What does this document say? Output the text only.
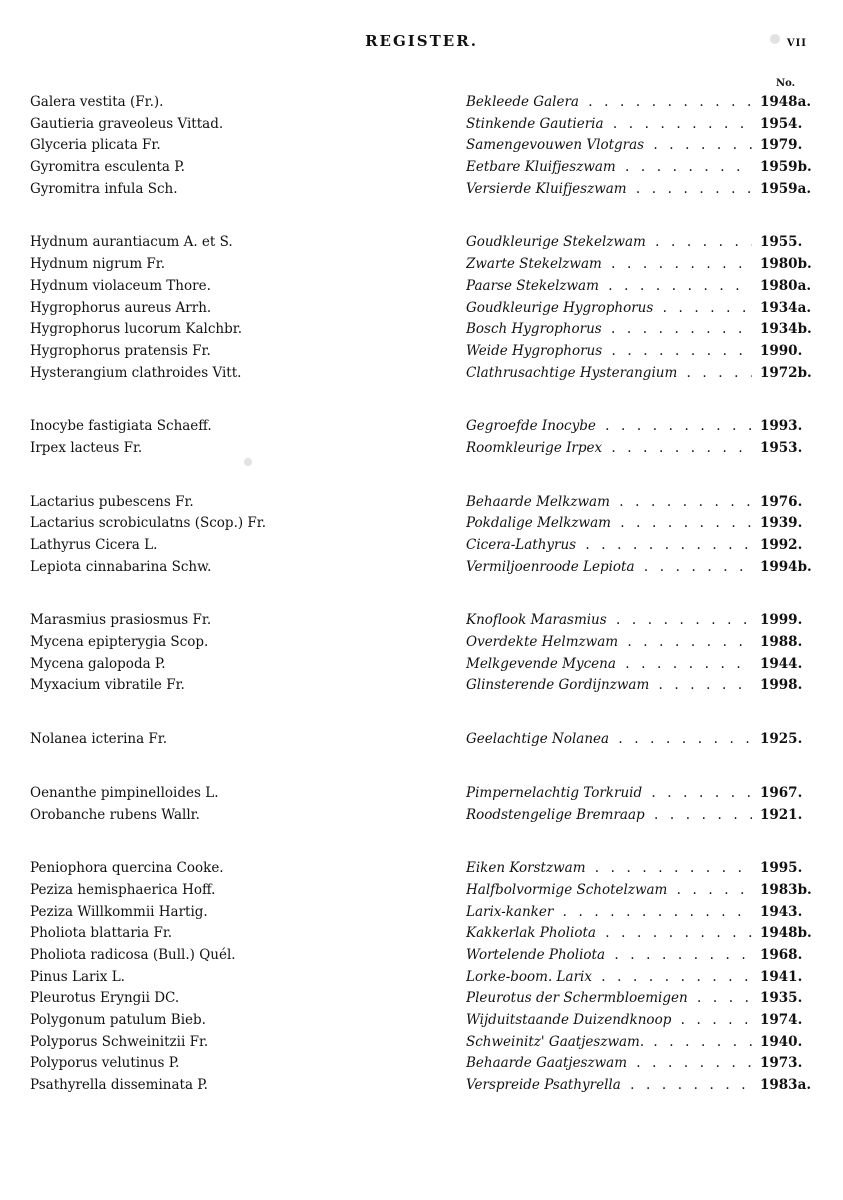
REGISTER.	VII
No.
Galera vestita (Fr.).	Bekleede Galera . .	1948a.
Gautieria graveoleus Vittad.	Stinkende Gautieria . .	1954.
Glyceria plicata Fr.	Samengevouwen Vlotgras . .	1979.
Gyromitra esculenta P.	Eetbare Kluifjeszwam . .	1959b.
Gyromitra infula Sch.	Versierde Kluifjeszwam . .	1959a.
Hydnum aurantiacum A. et S.	Goudkleurige Stekelzwam . .	1955.
Hydnum nigrum Fr.	Zwarte Stekelzwam . .	1980b.
Hydnum violaceum Thore.	Paarse Stekelzwam . .	1980a.
Hygrophorus aureus Arrh.	Goudkleurige Hygrophorus . .	1934a.
Hygrophorus lucorum Kalchbr.	Bosch Hygrophorus . .	1934b.
Hygrophorus pratensis Fr.	Weide Hygrophorus . .	1990.
Hysterangium clathroides Vitt.	Clathrusachtige Hysterangium . .	1972b.
Inocybe fastigiata Schaeff.	Gegroefde Inocybe . .	1993.
Irpex lacteus Fr.	Roomkleurige Irpex . .	1953.
Lactarius pubescens Fr.	Behaarde Melkzwam . .	1976.
Lactarius scrobiculatns (Scop.) Fr.	Pokdalige Melkzwam . .	1939.
Lathyrus Cicera L.	Cicera-Lathyrus . .	1992.
Lepiota cinnabarina Schw.	Vermiljoenroode Lepiota . .	1994b.
Marasmius prasiosmus Fr.	Knoflook Marasmius . .	1999.
Mycena epipterygia Scop.	Overdekte Helmzwam . .	1988.
Mycena galopoda P.	Melkgevende Mycena . .	1944.
Myxacium vibratile Fr.	Glinsterende Gordijnzwam . .	1998.
Nolanea icterina Fr.	Geelachtige Nolanea . .	1925.
Oenanthe pimpinelloides L.	Pimpernelachtig Torkruid . .	1967.
Orobanche rubens Wallr.	Roodstengelige Bremraap . .	1921.
Peniophora quercina Cooke.	Eiken Korstzwam . .	1995.
Peziza hemisphaerica Hoff.	Halfbolvormige Schotelzwam . .	1983b.
Peziza Willkommii Hartig.	Larix-kanker . .	1943.
Pholiota blattaria Fr.	Kakkerlak Pholiota . .	1948b.
Pholiota radicosa (Bull.) Quél.	Wortelende Pholiota . .	1968.
Pinus Larix L.	Lorke-boom. Larix . .	1941.
Pleurotus Eryngii DC.	Pleurotus der Schermbloemigen . .	1935.
Polygonum patulum Bieb.	Wijduitstaande Duizendknoop . .	1974.
Polyporus Schweinitzii Fr.	Schweinitz' Gaatjeszwam. . .	1940.
Polyporus velutinus P.	Behaarde Gaatjeszwam . .	1973.
Psathyrella disseminata P.	Verspreide Psathyrella . .	1983a.
